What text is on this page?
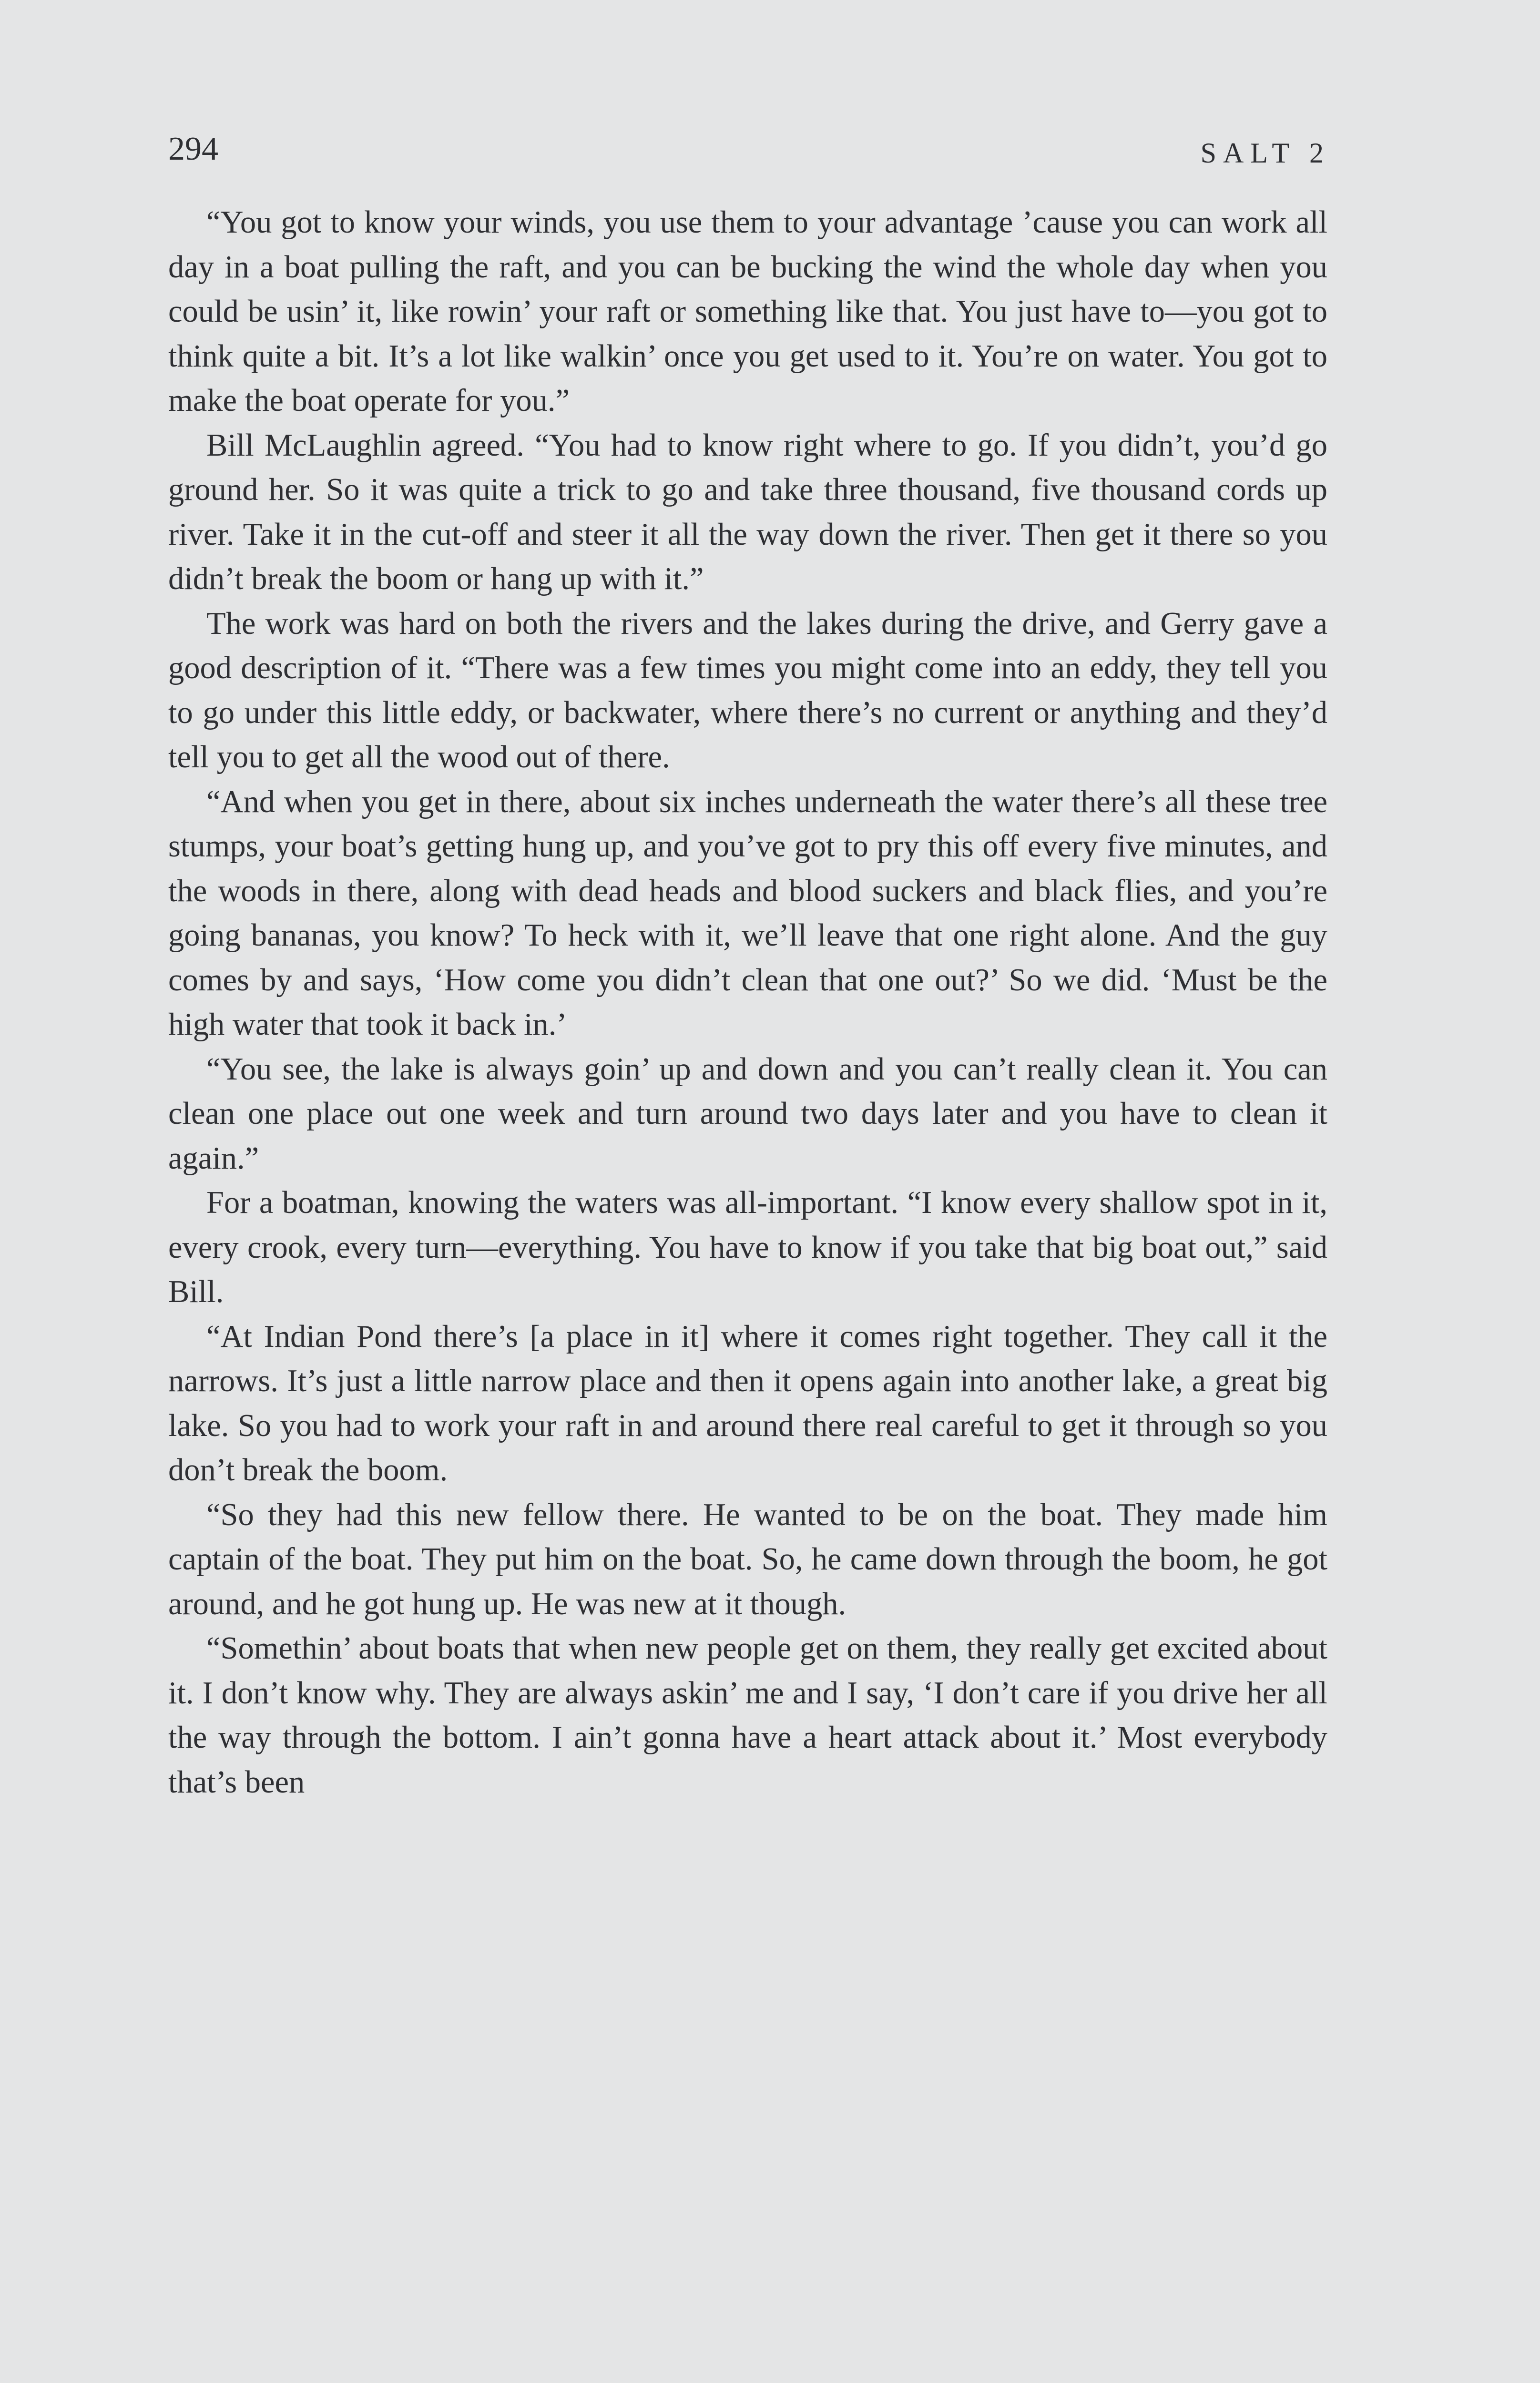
294	SALT 2

“You got to know your winds, you use them to your advantage ’cause you can work all day in a boat pulling the raft, and you can be bucking the wind the whole day when you could be usin’ it, like rowin’ your raft or something like that. You just have to—you got to think quite a bit. It’s a lot like walkin’ once you get used to it. You’re on water. You got to make the boat operate for you.”

Bill McLaughlin agreed. “You had to know right where to go. If you didn’t, you’d go ground her. So it was quite a trick to go and take three thousand, five thousand cords up river. Take it in the cut-off and steer it all the way down the river. Then get it there so you didn’t break the boom or hang up with it.”

The work was hard on both the rivers and the lakes during the drive, and Gerry gave a good description of it. “There was a few times you might come into an eddy, they tell you to go under this little eddy, or backwater, where there’s no current or anything and they’d tell you to get all the wood out of there.

“And when you get in there, about six inches underneath the water there’s all these tree stumps, your boat’s getting hung up, and you’ve got to pry this off every five minutes, and the woods in there, along with dead heads and blood suckers and black flies, and you’re going bananas, you know? To heck with it, we’ll leave that one right alone. And the guy comes by and says, ‘How come you didn’t clean that one out?’ So we did. ‘Must be the high water that took it back in.’

“You see, the lake is always goin’ up and down and you can’t really clean it. You can clean one place out one week and turn around two days later and you have to clean it again.”

For a boatman, knowing the waters was all-important. “I know every shallow spot in it, every crook, every turn—everything. You have to know if you take that big boat out,” said Bill.

“At Indian Pond there’s [a place in it] where it comes right together. They call it the narrows. It’s just a little narrow place and then it opens again into another lake, a great big lake. So you had to work your raft in and around there real careful to get it through so you don’t break the boom.

“So they had this new fellow there. He wanted to be on the boat. They made him captain of the boat. They put him on the boat. So, he came down through the boom, he got around, and he got hung up. He was new at it though.

“Somethin’ about boats that when new people get on them, they really get excited about it. I don’t know why. They are always askin’ me and I say, ‘I don’t care if you drive her all the way through the bottom. I ain’t gonna have a heart attack about it.’ Most everybody that’s been
